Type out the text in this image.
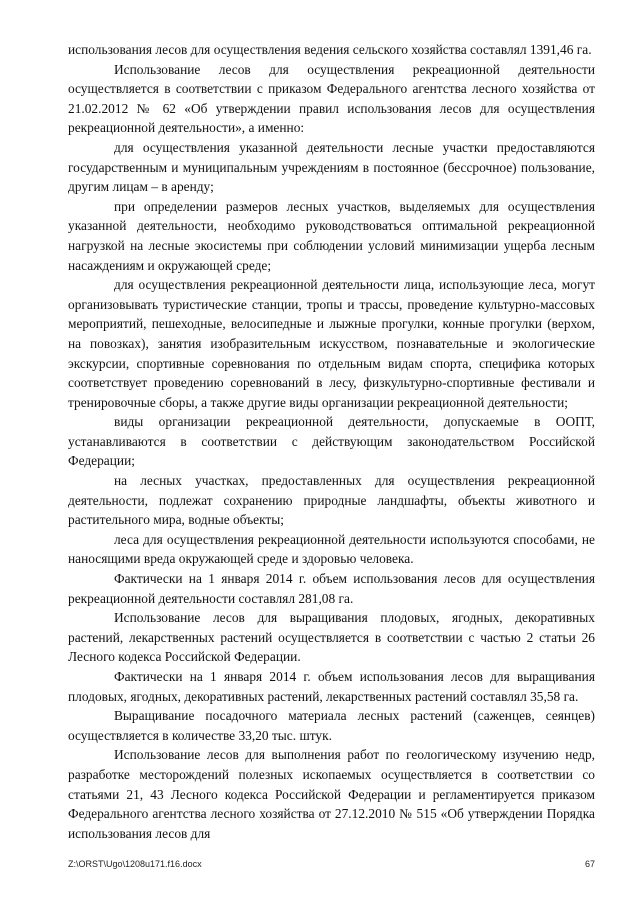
использования лесов для осуществления ведения сельского хозяйства составлял 1391,46 га.

Использование лесов для осуществления рекреационной деятельности осуществляется в соответствии с приказом Федерального агентства лесного хозяйства от 21.02.2012 № 62 «Об утверждении правил использования лесов для осуществления рекреационной деятельности», а именно:

для осуществления указанной деятельности лесные участки предоставляются государственным и муниципальным учреждениям в постоянное (бессрочное) пользование, другим лицам – в аренду;

при определении размеров лесных участков, выделяемых для осуществления указанной деятельности, необходимо руководствоваться оптимальной рекреационной нагрузкой на лесные экосистемы при соблюдении условий минимизации ущерба лесным насаждениям и окружающей среде;

для осуществления рекреационной деятельности лица, использующие леса, могут организовывать туристические станции, тропы и трассы, проведение культурно-массовых мероприятий, пешеходные, велосипедные и лыжные прогулки, конные прогулки (верхом, на повозках), занятия изобразительным искусством, познавательные и экологические экскурсии, спортивные соревнования по отдельным видам спорта, специфика которых соответствует проведению соревнований в лесу, физкультурно-спортивные фестивали и тренировочные сборы, а также другие виды организации рекреационной деятельности;

виды организации рекреационной деятельности, допускаемые в ООПТ, устанавливаются в соответствии с действующим законодательством Российской Федерации;

на лесных участках, предоставленных для осуществления рекреационной деятельности, подлежат сохранению природные ландшафты, объекты животного и растительного мира, водные объекты;

леса для осуществления рекреационной деятельности используются способами, не наносящими вреда окружающей среде и здоровью человека.

Фактически на 1 января 2014 г. объем использования лесов для осуществления рекреационной деятельности составлял 281,08 га.

Использование лесов для выращивания плодовых, ягодных, декоративных растений, лекарственных растений осуществляется в соответствии с частью 2 статьи 26 Лесного кодекса Российской Федерации.

Фактически на 1 января 2014 г. объем использования лесов для выращивания плодовых, ягодных, декоративных растений, лекарственных растений составлял 35,58 га.

Выращивание посадочного материала лесных растений (саженцев, сеянцев) осуществляется в количестве 33,20 тыс. штук.

Использование лесов для выполнения работ по геологическому изучению недр, разработке месторождений полезных ископаемых осуществляется в соответствии со статьями 21, 43 Лесного кодекса Российской Федерации и регламентируется приказом Федерального агентства лесного хозяйства от 27.12.2010 № 515 «Об утверждении Порядка использования лесов для

Z:\ORST\Ugo\1208u171.f16.docx	67
